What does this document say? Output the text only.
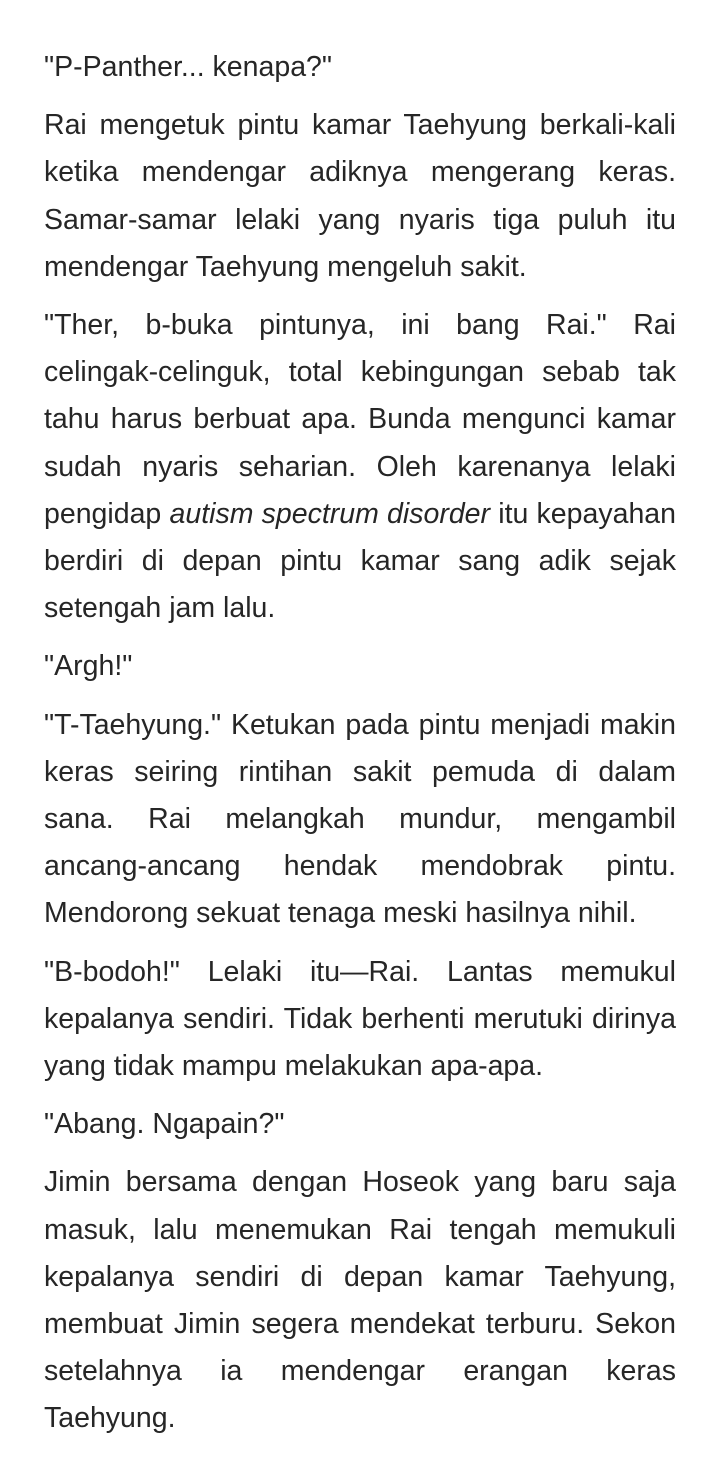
"P-Panther... kenapa?"

Rai mengetuk pintu kamar Taehyung berkali-kali ketika mendengar adiknya mengerang keras. Samar-samar lelaki yang nyaris tiga puluh itu mendengar Taehyung mengeluh sakit.

"Ther, b-buka pintunya, ini bang Rai." Rai celingak-celinguk, total kebingungan sebab tak tahu harus berbuat apa. Bunda mengunci kamar sudah nyaris seharian. Oleh karenanya lelaki pengidap autism spectrum disorder itu kepayahan berdiri di depan pintu kamar sang adik sejak setengah jam lalu.

"Argh!"

"T-Taehyung." Ketukan pada pintu menjadi makin keras seiring rintihan sakit pemuda di dalam sana. Rai melangkah mundur, mengambil ancang-ancang hendak mendobrak pintu. Mendorong sekuat tenaga meski hasilnya nihil.

"B-bodoh!" Lelaki itu—Rai. Lantas memukul kepalanya sendiri. Tidak berhenti merutuki dirinya yang tidak mampu melakukan apa-apa.

"Abang. Ngapain?"

Jimin bersama dengan Hoseok yang baru saja masuk, lalu menemukan Rai tengah memukuli kepalanya sendiri di depan kamar Taehyung, membuat Jimin segera mendekat terburu. Sekon setelahnya ia mendengar erangan keras Taehyung.
